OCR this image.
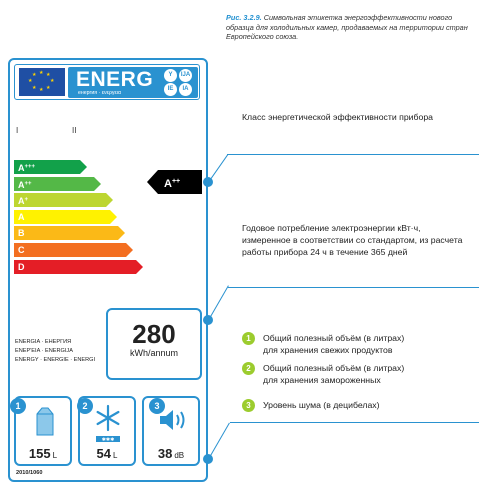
Рис. 3.2.9. Символьная этикетка энергоэффективности нового образца для холодильных камер, продаваемых на территории стран Европейского союза.
★ ★
★
★
★
★
★
★ ENERG
енергия · ενεργεια
Y	IJA
IE	IA
I	II
A+++
A++
A+
A
B
C
D
A++
ENERGIA · ЕНЕРГИЯ
ENEP'EIA · ENERGIJA
ENERGY · ENERGIE · ENERGI
280
kWh/annum
155 L
✱✱✱
54 L	38 dB
1	2	3
2010/1060
Класс энергетической эффективности прибора
Годовое потребление электроэнергии кВт·ч, измеренное в соответствии со стандартом, из расчета работы прибора 24 ч в течение 365 дней
1	Общий полезный объём (в литрах)
для хранения свежих продуктов
2	Общий полезный объём (в литрах)
для хранения замороженных
3	Уровень шума (в децибелах)
